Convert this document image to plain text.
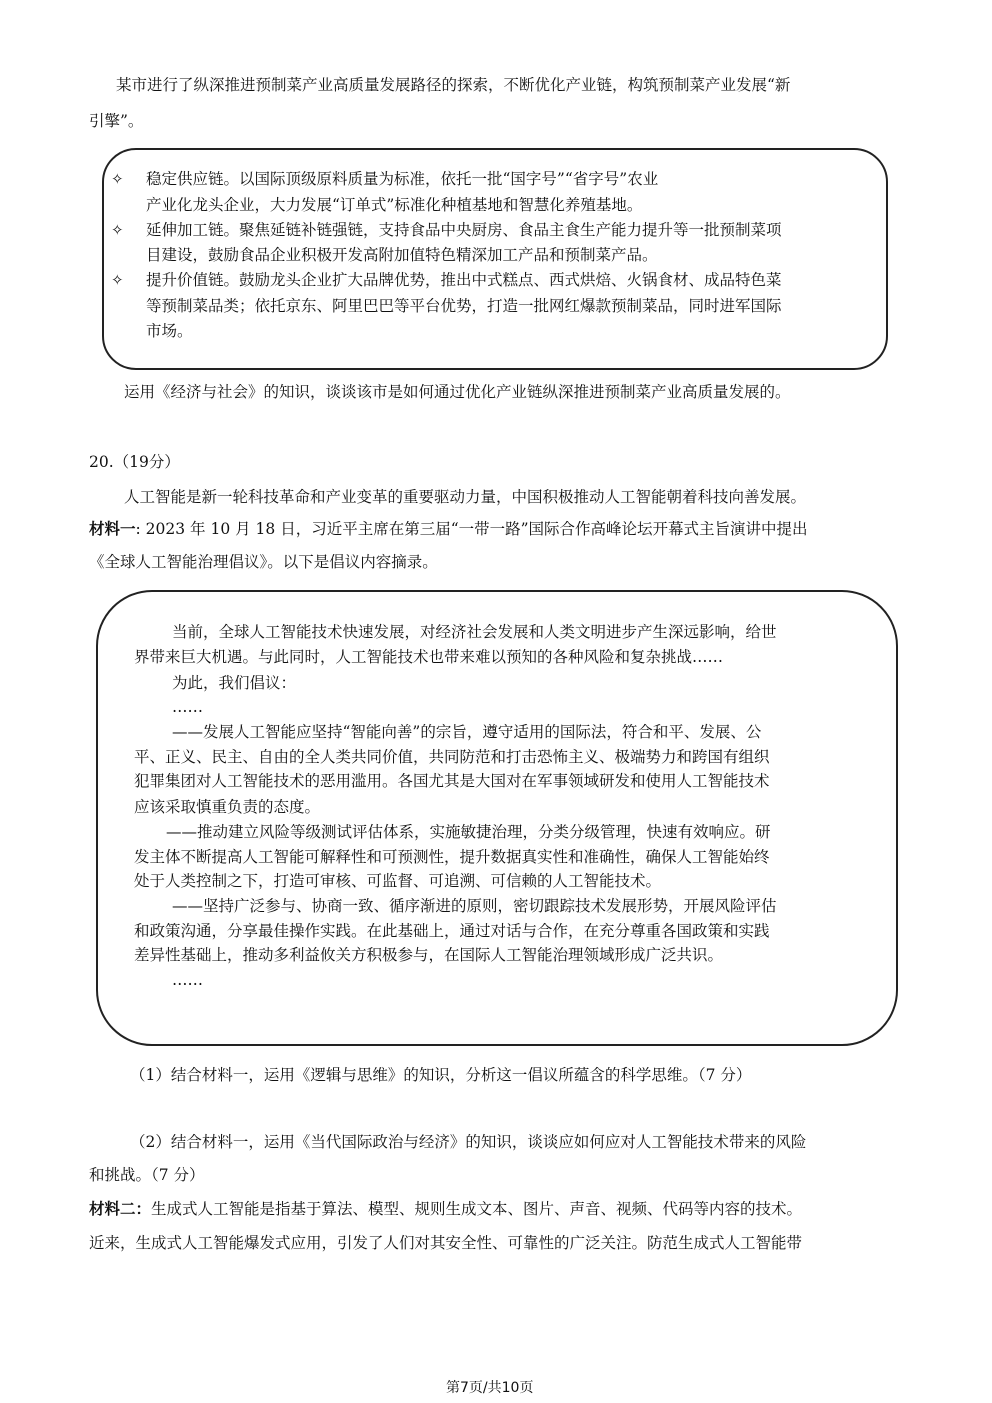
某市进行了纵深推进预制菜产业高质量发展路径的探索，不断优化产业链，构筑预制菜产业发展“新
引擎”。
✧ 稳定供应链。以国际顶级原料质量为标准，依托一批“国字号”“省字号”农业
产业化龙头企业，大力发展“订单式”标准化种植基地和智慧化养殖基地。
✧ 延伸加工链。聚焦延链补链强链，支持食品中央厨房、食品主食生产能力提升等一批预制菜项
目建设，鼓励食品企业积极开发高附加值特色精深加工产品和预制菜产品。
✧ 提升价值链。鼓励龙头企业扩大品牌优势，推出中式糕点、西式烘焙、火锅食材、成品特色菜
等预制菜品类；依托京东、阿里巴巴等平台优势，打造一批网红爆款预制菜品，同时进军国际
市场。
运用《经济与社会》的知识，谈谈该市是如何通过优化产业链纵深推进预制菜产业高质量发展的。
20.（19分）
人工智能是新一轮科技革命和产业变革的重要驱动力量，中国积极推动人工智能朝着科技向善发展。
材料一: 2023 年 10 月 18 日，习近平主席在第三届“一带一路”国际合作高峰论坛开幕式主旨演讲中提出
《全球人工智能治理倡议》。以下是倡议内容摘录。
当前，全球人工智能技术快速发展，对经济社会发展和人类文明进步产生深远影响，给世
界带来巨大机遇。与此同时，人工智能技术也带来难以预知的各种风险和复杂挑战……
为此，我们倡议：
……
——发展人工智能应坚持“智能向善”的宗旨，遵守适用的国际法，符合和平、发展、公
平、正义、民主、自由的全人类共同价值，共同防范和打击恐怖主义、极端势力和跨国有组织
犯罪集团对人工智能技术的恶用滥用。各国尤其是大国对在军事领域研发和使用人工智能技术
应该采取慎重负责的态度。
——推动建立风险等级测试评估体系，实施敏捷治理，分类分级管理，快速有效响应。研
发主体不断提高人工智能可解释性和可预测性，提升数据真实性和准确性，确保人工智能始终
处于人类控制之下，打造可审核、可监督、可追溯、可信赖的人工智能技术。
——坚持广泛参与、协商一致、循序渐进的原则，密切跟踪技术发展形势，开展风险评估
和政策沟通，分享最佳操作实践。在此基础上，通过对话与合作，在充分尊重各国政策和实践
差异性基础上，推动多利益攸关方积极参与，在国际人工智能治理领域形成广泛共识。
……
（1）结合材料一，运用《逻辑与思维》的知识，分析这一倡议所蕴含的科学思维。（7 分）
（2）结合材料一，运用《当代国际政治与经济》的知识，谈谈应如何应对人工智能技术带来的风险
和挑战。（7 分）
材料二：生成式人工智能是指基于算法、模型、规则生成文本、图片、声音、视频、代码等内容的技术。
近来，生成式人工智能爆发式应用，引发了人们对其安全性、可靠性的广泛关注。防范生成式人工智能带
第7页/共10页
